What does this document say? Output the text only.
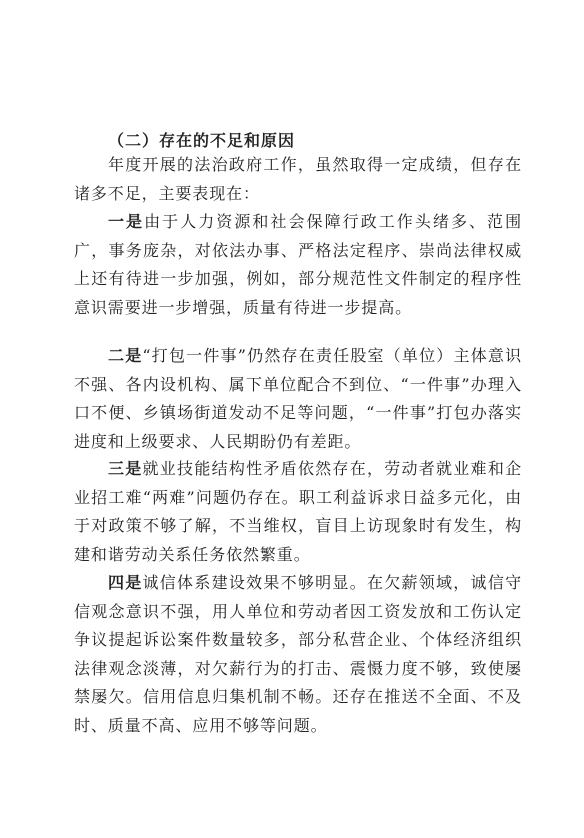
（二）存在的不足和原因

年度开展的法治政府工作，虽然取得一定成绩，但存在诸多不足，主要表现在：

一是由于人力资源和社会保障行政工作头绪多、范围广，事务庞杂，对依法办事、严格法定程序、崇尚法律权威上还有待进一步加强，例如，部分规范性文件制定的程序性意识需要进一步增强，质量有待进一步提高。

二是“打包一件事”仍然存在责任股室（单位）主体意识不强、各内设机构、属下单位配合不到位、“一件事”办理入口不便、乡镇场街道发动不足等问题，“一件事”打包办落实进度和上级要求、人民期盼仍有差距。

三是就业技能结构性矛盾依然存在，劳动者就业难和企业招工难“两难”问题仍存在。职工利益诉求日益多元化，由于对政策不够了解，不当维权，盲目上访现象时有发生，构建和谐劳动关系任务依然繁重。

四是诚信体系建设效果不够明显。在欠薪领域，诚信守信观念意识不强，用人单位和劳动者因工资发放和工伤认定争议提起诉讼案件数量较多，部分私营企业、个体经济组织法律观念淡薄，对欠薪行为的打击、震慑力度不够，致使屡禁屡欠。信用信息归集机制不畅。还存在推送不全面、不及时、质量不高、应用不够等问题。
